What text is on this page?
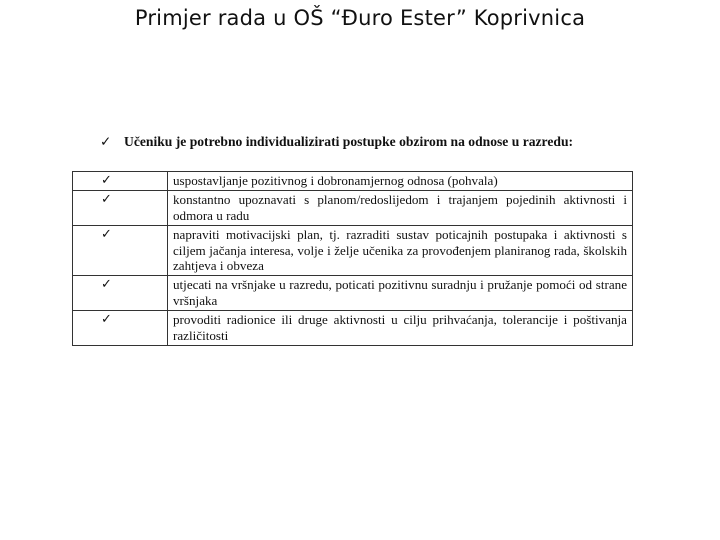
Primjer rada u OŠ “Đuro Ester” Koprivnica
✓ Učeniku je potrebno individualizirati postupke obzirom na odnose u razredu:
✓	uspostavljanje pozitivnog i dobronamjernog odnosa (pohvala)
✓	konstantno upoznavati s planom/redoslijedom i trajanjem pojedinih aktivnosti i odmora u radu
✓	napraviti motivacijski plan, tj. razraditi sustav poticajnih postupaka i aktivnosti s ciljem jačanja interesa, volje i želje učenika za provođenjem planiranog rada, školskih zahtjeva i obveza
✓	utjecati na vršnjake u razredu, poticati pozitivnu suradnju i pružanje pomoći od strane vršnjaka
✓	provoditi radionice ili druge aktivnosti u cilju prihvaćanja, tolerancije i poštivanja različitosti
